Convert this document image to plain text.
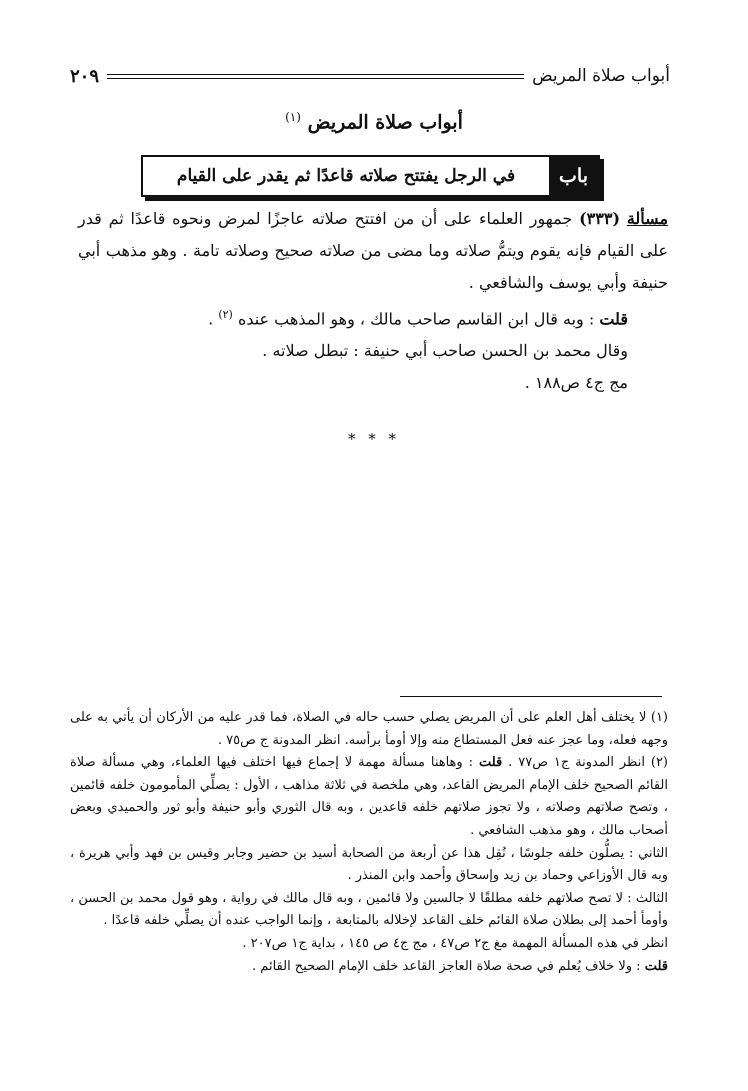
أبواب صلاة المريض
٢٠٩
أبواب صلاة المريض $^{(١)}$
باب
في الرجل يفتتح صلاته قاعدًا ثم يقدر على القيام

مسألة (٣٣٣) جمهور العلماء على أن من افتتح صلاته عاجزًا لمرض ونحوه قاعدًا ثم قدر على القيام فإنه يقوم ويتمُّ صلاته وما مضى من صلاته صحيح وصلاته تامة . وهو مذهب أبي حنيفة وأبي يوسف والشافعي .

قلت : وبه قال ابن القاسم صاحب مالك ، وهو المذهب عنده $^{(٢)}$ .

وقال محمد بن الحسن صاحب أبي حنيفة : تبطل صلاته .

مج ج٤ ص١٨٨ .

* * *

(١) لا يختلف أهل العلم على أن المريض يصلي حسب حاله في الصلاة، فما قدر عليه من الأركان أن يأتي به على وجهه فعله، وما عجز عنه فعل المستطاع منه وإلا أومأ برأسه. انظر المدونة ج ص٧٥ .

(٢) انظر المدونة ج١ ص٧٧ . قلت : وهاهنا مسألة مهمة لا إجماع فيها اختلف فيها العلماء، وهي مسألة صلاة القائم الصحيح خلف الإمام المريض القاعد، وهي ملخصة في ثلاثة مذاهب ، الأول : يصلِّي المأمومون خلفه قائمين ، وتصح صلاتهم وصلاته ، ولا تجوز صلاتهم خلفه قاعدين ، وبه قال الثوري وأبو حنيفة وأبو ثور والحميدي وبعض أصحاب مالك ، وهو مذهب الشافعي .

الثاني : يصلُّون خلفه جلوسًا ، نُقِل هذا عن أربعة من الصحابة أسيد بن حضير وجابر وقيس بن فهد وأبي هريرة ، وبه قال الأوزاعي وحماد بن زيد وإسحاق وأحمد وابن المنذر .

الثالث : لا تصح صلاتهم خلفه مطلقًا لا جالسين ولا قائمين ، وبه قال مالك في رواية ، وهو قول محمد بن الحسن ، وأومأ أحمد إلى بطلان صلاة القائم خلف القاعد لإخلاله بالمتابعة ، وإنما الواجب عنده أن يصلِّي خلفه قاعدًا .

انظر في هذه المسألة المهمة مغ ج٢ ص٤٧ ، مج ج٤ ص ١٤٥ ، بداية ج١ ص٢٠٧ .

قلت : ولا خلاف يُعلم في صحة صلاة العاجز القاعد خلف الإمام الصحيح القائم .
